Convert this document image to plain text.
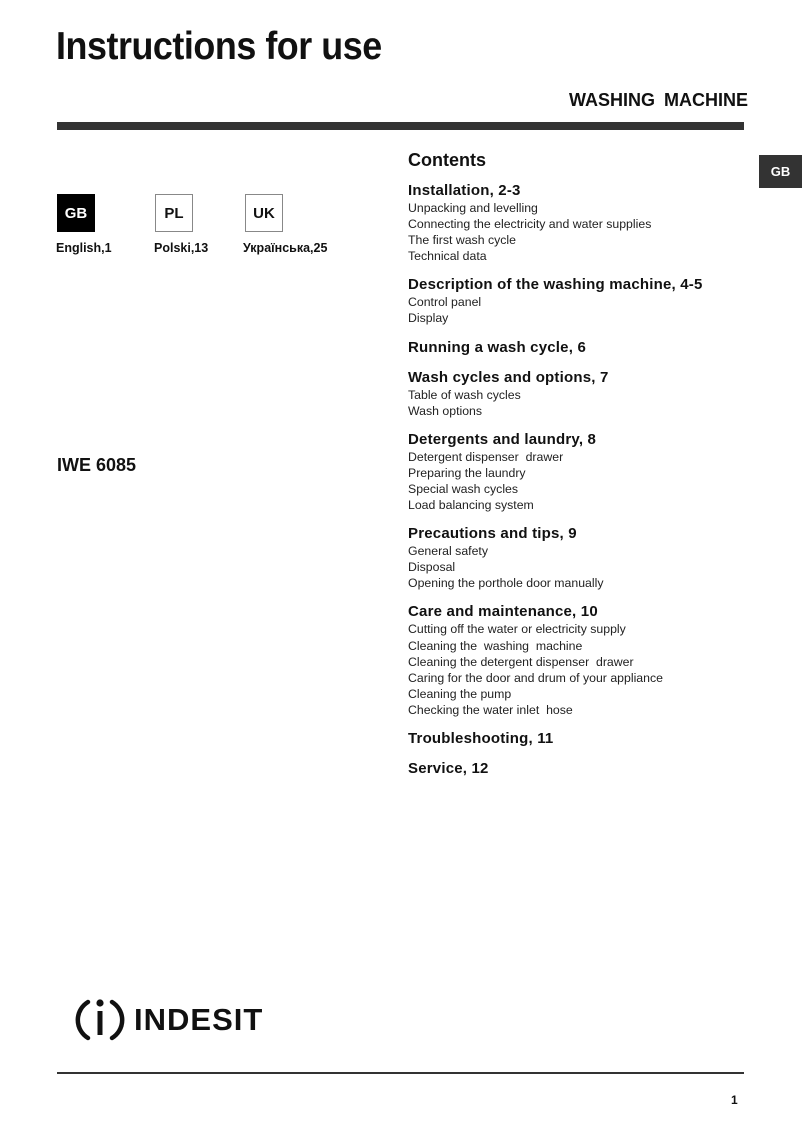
Instructions for use
WASHING MACHINE
GB
GB	PL	UK
English,1	Polski,13	Українська,25
IWE 6085
Contents
Installation, 2-3
Unpacking and levelling
Connecting the electricity and water supplies
The first wash cycle
Technical data
Description of the washing machine, 4-5
Control panel
Display
Running a wash cycle, 6
Wash cycles and options, 7
Table of wash cycles
Wash options
Detergents and laundry, 8
Detergent dispenser  drawer
Preparing the laundry
Special wash cycles
Load balancing system
Precautions and tips, 9
General safety
Disposal
Opening the porthole door manually
Care and maintenance, 10
Cutting off the water or electricity supply
Cleaning the  washing  machine
Cleaning the detergent dispenser  drawer
Caring for the door and drum of your appliance
Cleaning the pump
Checking the water inlet  hose
Troubleshooting, 11
Service, 12
INDESIT
1
